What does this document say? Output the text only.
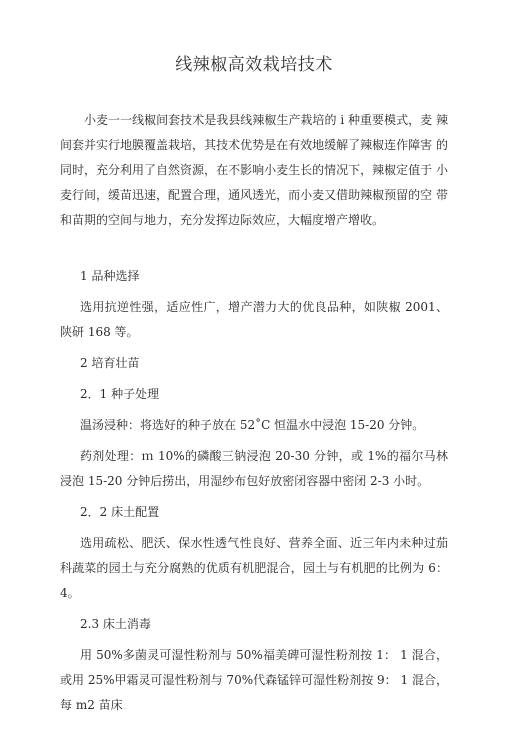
线辣椒高效栽培技术

小麦一一线椒间套技术是我县线辣椒生产栽培的 i 种重要模式，麦 辣间套并实行地膜覆盖栽培，其技术优势是在有效地缓解了辣椒连作障害 的同时，充分利用了自然资源，在不影响小麦生长的情况下，辣椒定值于 小麦行间，缓苗迅速，配置合理，通风透光，而小麦又借助辣椒预留的空 带和苗期的空间与地力，充分发挥边际效应，大幅度增产增收。

1 品种选择

选用抗逆性强，适应性广，增产潜力大的优良品种，如陕椒 2001、陕研 168 等。

2 培育壮苗

2．1 种子处理

温汤浸种：将选好的种子放在 52˚C 恒温水中浸泡 15-20 分钟。

药剂处理：ｍ 10%的磷酸三钠浸泡 20-30 分钟，或 1%的福尔马林浸泡 15-20 分钟后捞出，用湿纱布包好放密闭容器中密闭 2-3 小时。

2．2 床土配置

选用疏松、肥沃、保水性透气性良好、营养全面、近三年内未种过茄科蔬菜的园土与充分腐熟的优质有机肥混合，园土与有机肥的比例为 6：4。

2.3 床土消毒

用 50%多菌灵可湿性粉剂与 50%福美碑可湿性粉剂按 1： 1 混合，或用 25%甲霜灵可湿性粉剂与 70%代森锰锌可湿性粉剂按 9： 1 混合，每 m2 苗床
